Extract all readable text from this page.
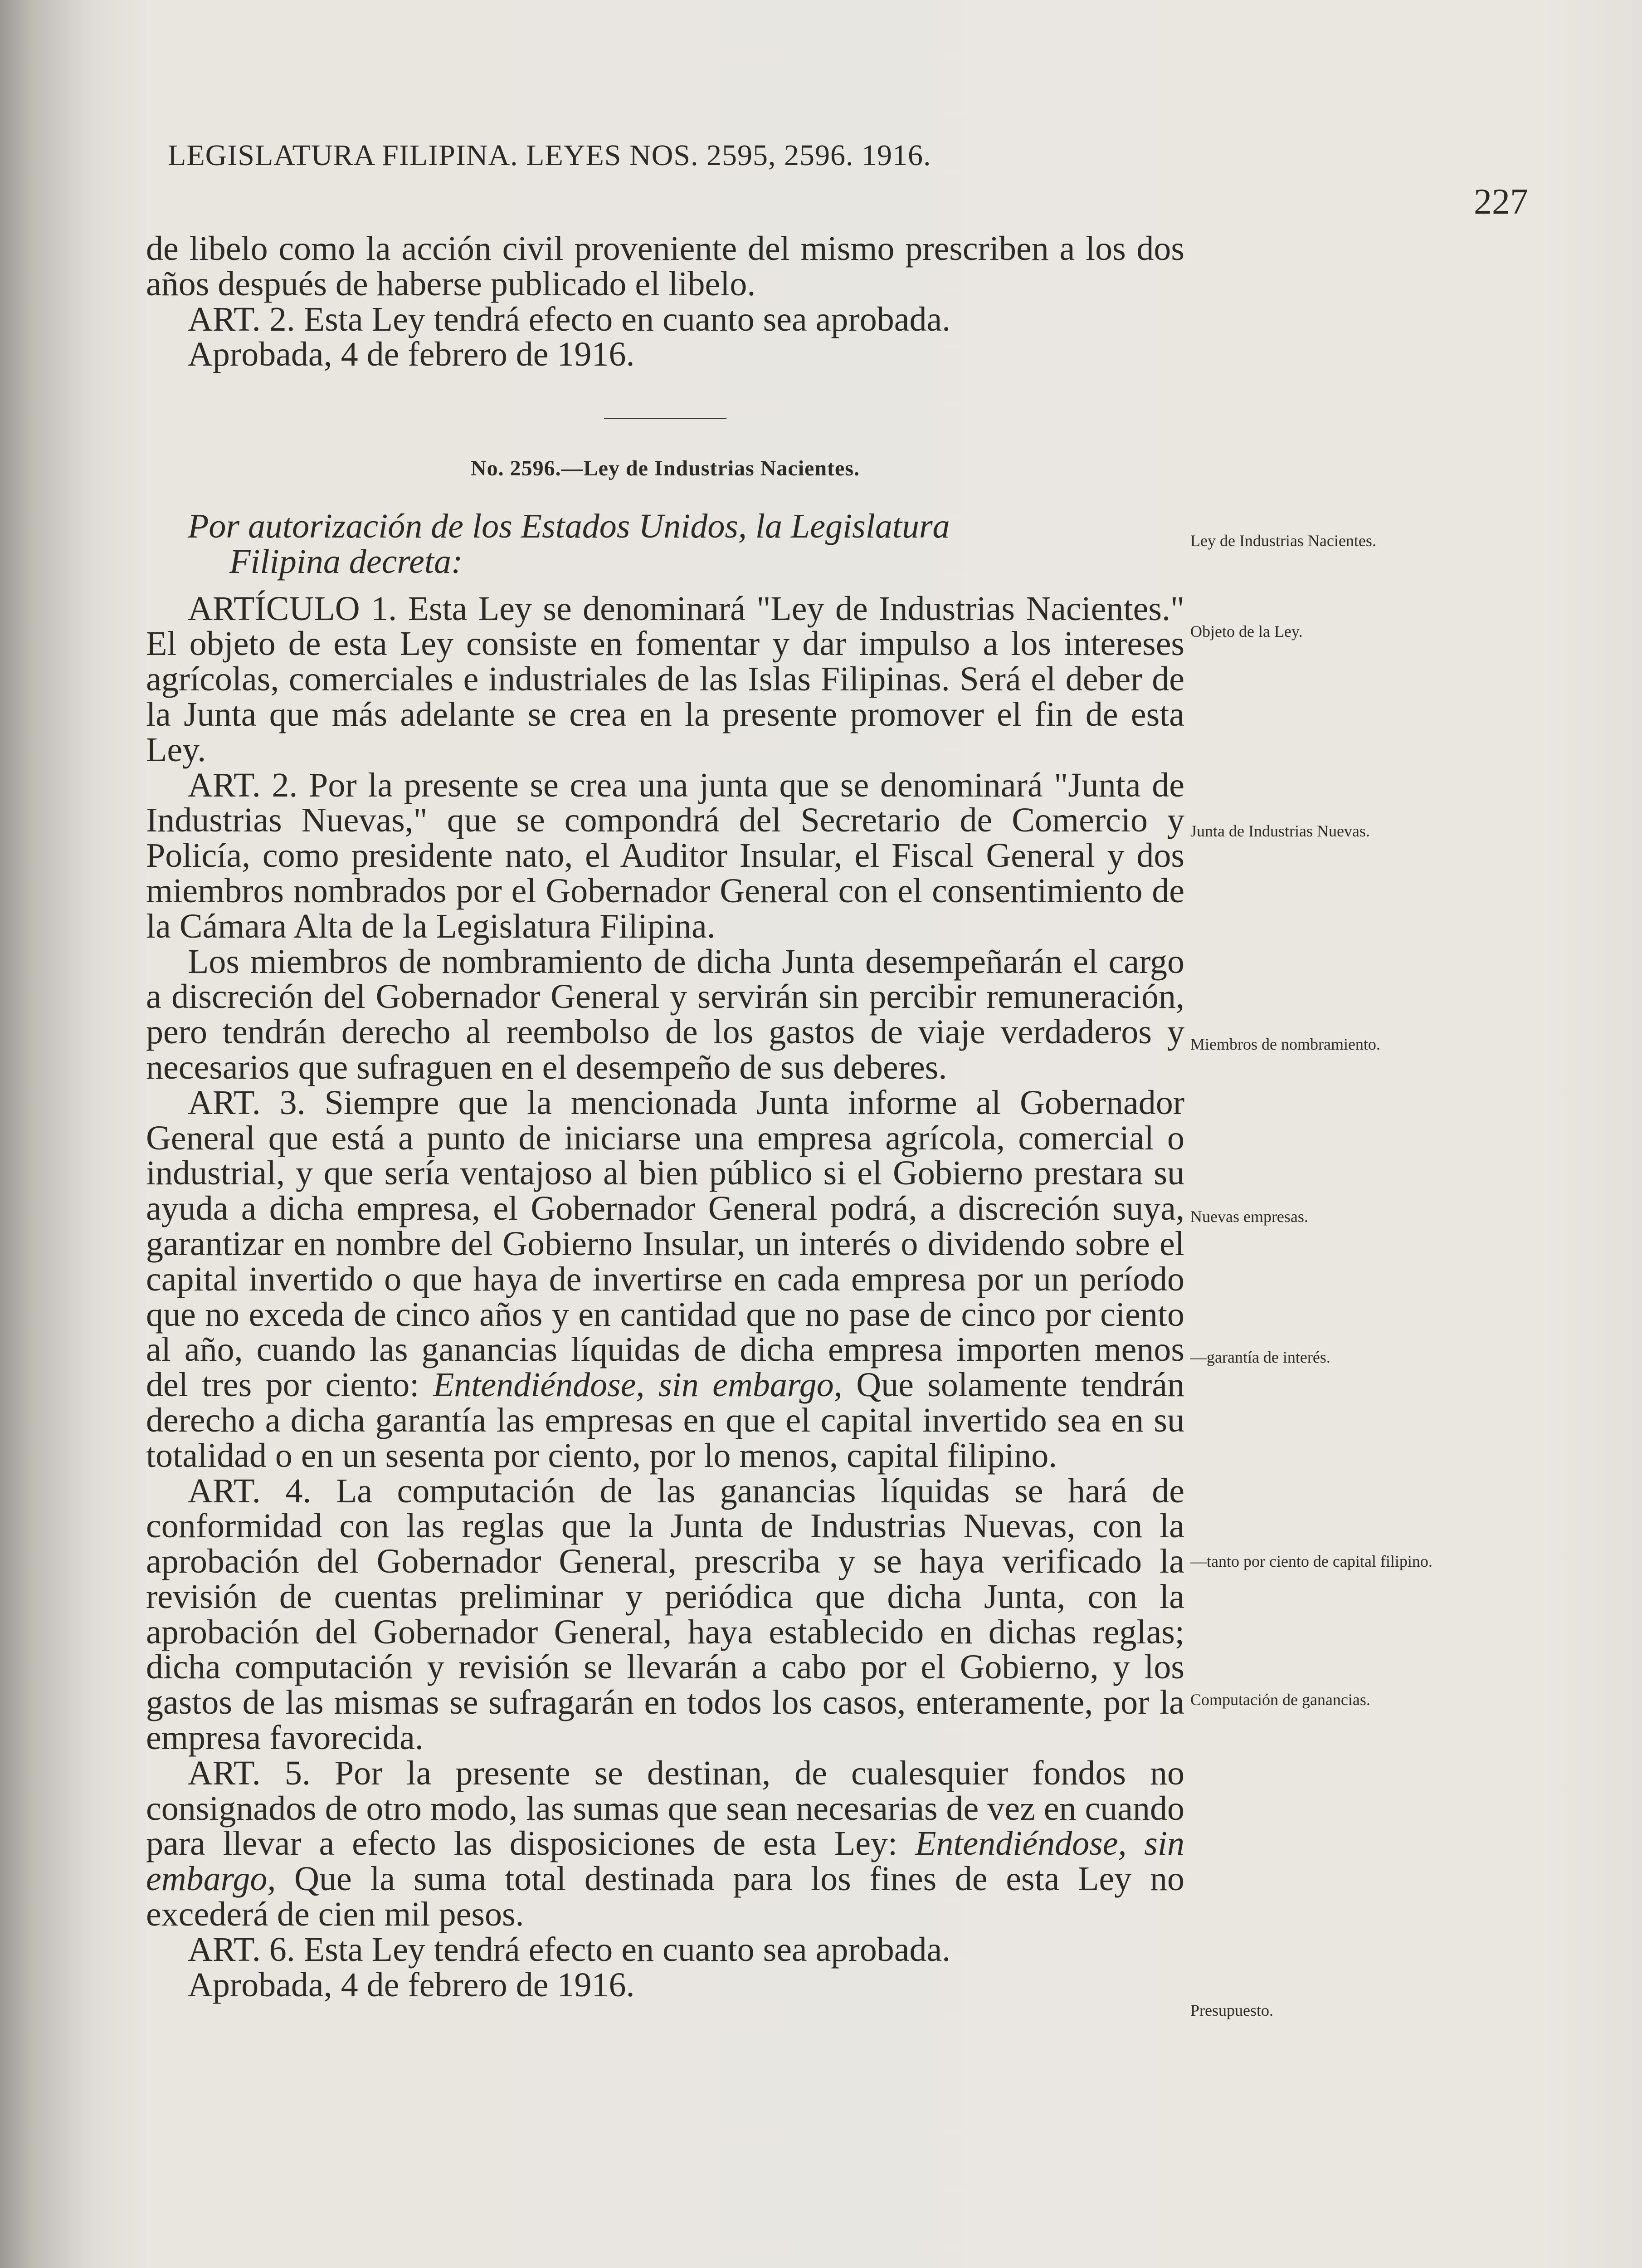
LEGISLATURA FILIPINA. LEYES NOS. 2595, 2596. 1916.
227

de libelo como la acción civil proveniente del mismo prescriben a los dos años después de haberse publicado el libelo.

ART. 2. Esta Ley tendrá efecto en cuanto sea aprobada.

Aprobada, 4 de febrero de 1916.

No. 2596.—Ley de Industrias Nacientes.

Por autorización de los Estados Unidos, la Legislatura
Filipina decreta:

ARTÍCULO 1. Esta Ley se denominará "Ley de Industrias Nacientes." El objeto de esta Ley consiste en fomentar y dar impulso a los intereses agrícolas, comerciales e industriales de las Islas Filipinas. Será el deber de la Junta que más adelante se crea en la presente promover el fin de esta Ley.

ART. 2. Por la presente se crea una junta que se denominará "Junta de Industrias Nuevas," que se compondrá del Secretario de Comercio y Policía, como presidente nato, el Auditor Insular, el Fiscal General y dos miembros nombrados por el Gobernador General con el consentimiento de la Cámara Alta de la Legislatura Filipina.

Los miembros de nombramiento de dicha Junta desempeñarán el cargo a discreción del Gobernador General y servirán sin percibir remuneración, pero tendrán derecho al reembolso de los gastos de viaje verdaderos y necesarios que sufraguen en el desempeño de sus deberes.

ART. 3. Siempre que la mencionada Junta informe al Gobernador General que está a punto de iniciarse una empresa agrícola, comercial o industrial, y que sería ventajoso al bien público si el Gobierno prestara su ayuda a dicha empresa, el Gobernador General podrá, a discreción suya, garantizar en nombre del Gobierno Insular, un interés o dividendo sobre el capital invertido o que haya de invertirse en cada empresa por un período que no exceda de cinco años y en cantidad que no pase de cinco por ciento al año, cuando las ganancias líquidas de dicha empresa importen menos del tres por ciento: Entendiéndose, sin embargo, Que solamente tendrán derecho a dicha garantía las empresas en que el capital invertido sea en su totalidad o en un sesenta por ciento, por lo menos, capital filipino.

ART. 4. La computación de las ganancias líquidas se hará de conformidad con las reglas que la Junta de Industrias Nuevas, con la aprobación del Gobernador General, prescriba y se haya verificado la revisión de cuentas preliminar y periódica que dicha Junta, con la aprobación del Gobernador General, haya establecido en dichas reglas; dicha computación y revisión se llevarán a cabo por el Gobierno, y los gastos de las mismas se sufragarán en todos los casos, enteramente, por la empresa favorecida.

ART. 5. Por la presente se destinan, de cualesquier fondos no consignados de otro modo, las sumas que sean necesarias de vez en cuando para llevar a efecto las disposiciones de esta Ley: Entendiéndose, sin embargo, Que la suma total destinada para los fines de esta Ley no excederá de cien mil pesos.

ART. 6. Esta Ley tendrá efecto en cuanto sea aprobada.

Aprobada, 4 de febrero de 1916.

Ley de Industrias Nacientes.
Objeto de la Ley.
Junta de Industrias Nuevas.
Miembros de nombramiento.
Nuevas empresas.
—garantía de interés.
—tanto por ciento de capital filipino.
Computación de ganancias.
Presupuesto.
